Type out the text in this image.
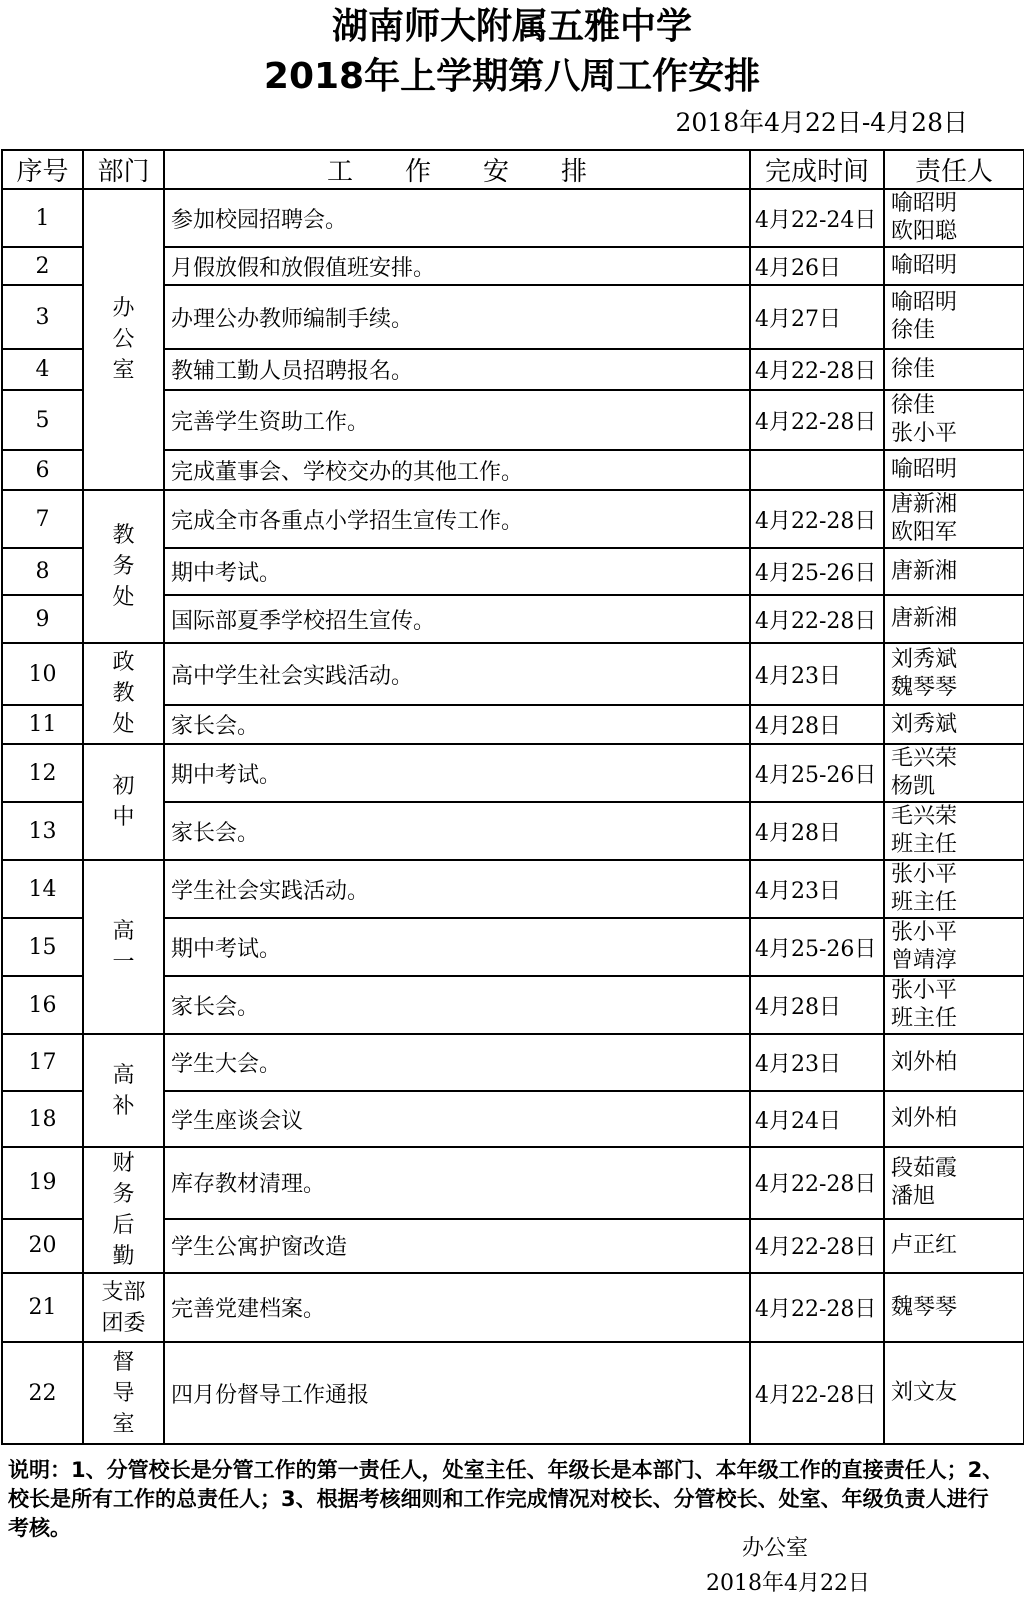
湖南师大附属五雅中学
2018年上学期第八周工作安排
2018年4月22日-4月28日
序号	部门	工　　作　　安　　排	完成时间	责任人
1	办公室	参加校园招聘会。	4月22-24日	喻昭明
欧阳聪
2		月假放假和放假值班安排。	4月26日	喻昭明
3		办理公办教师编制手续。	4月27日	喻昭明
徐佳
4		教辅工勤人员招聘报名。	4月22-28日	徐佳
5		完善学生资助工作。	4月22-28日	徐佳
张小平
6		完成董事会、学校交办的其他工作。		喻昭明
7	教务处	完成全市各重点小学招生宣传工作。	4月22-28日	唐新湘
欧阳军
8		期中考试。	4月25-26日	唐新湘
9		国际部夏季学校招生宣传。	4月22-28日	唐新湘
10	政教处	高中学生社会实践活动。	4月23日	刘秀斌
魏琴琴
11		家长会。	4月28日	刘秀斌
12	初中	期中考试。	4月25-26日	毛兴荣
杨凯
13		家长会。	4月28日	毛兴荣
班主任
14	高一	学生社会实践活动。	4月23日	张小平
班主任
15		期中考试。	4月25-26日	张小平
曾靖淳
16		家长会。	4月28日	张小平
班主任
17	高补	学生大会。	4月23日	刘外柏
18		学生座谈会议	4月24日	刘外柏
19	财务后勤	库存教材清理。	4月22-28日	段茹霞
潘旭
20		学生公寓护窗改造	4月22-28日	卢正红
21	支部团委	完善党建档案。	4月22-28日	魏琴琴
22	督导室	四月份督导工作通报	4月22-28日	刘文友
说明：1、分管校长是分管工作的第一责任人，处室主任、年级长是本部门、本年级工作的直接责任人；2、校长是所有工作的总责任人；3、根据考核细则和工作完成情况对校长、分管校长、处室、年级负责人进行考核。
办公室
2018年4月22日
